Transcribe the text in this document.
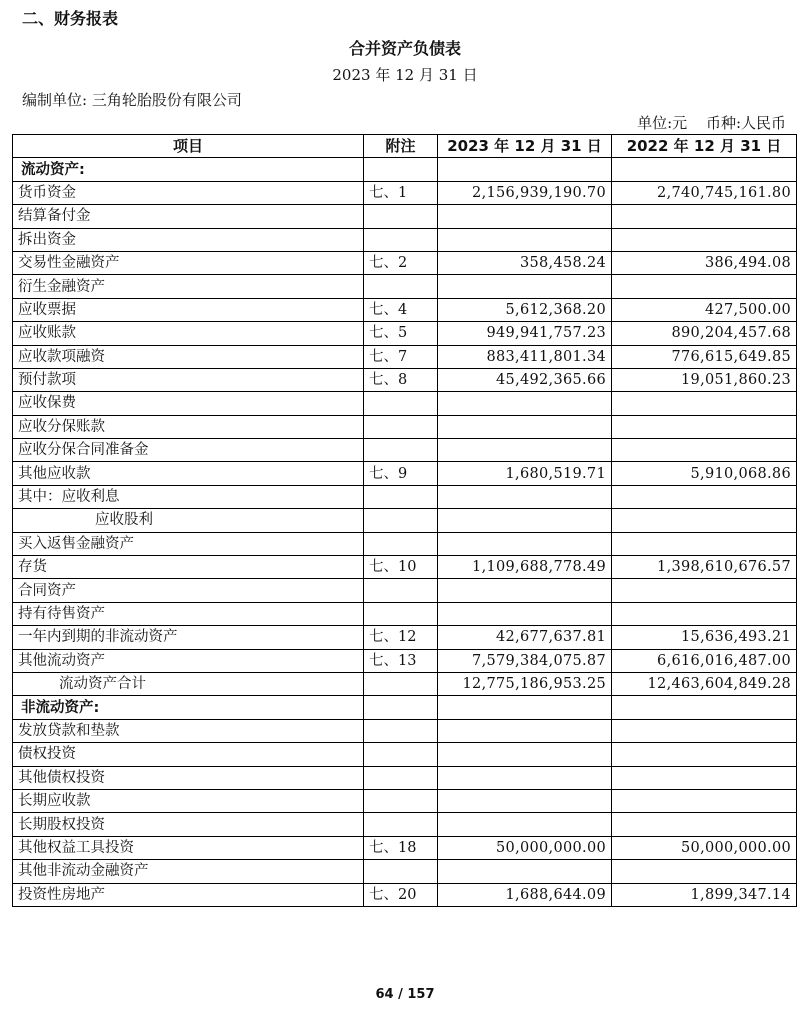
二、财务报表
合并资产负债表
2023 年 12 月 31 日
编制单位: 三角轮胎股份有限公司
单位:元 币种:人民币
项目	附注	2023 年 12 月 31 日	2022 年 12 月 31 日
流动资产:			
货币资金	七、1	2,156,939,190.70	2,740,745,161.80
结算备付金			
拆出资金			
交易性金融资产	七、2	358,458.24	386,494.08
衍生金融资产			
应收票据	七、4	5,612,368.20	427,500.00
应收账款	七、5	949,941,757.23	890,204,457.68
应收款项融资	七、7	883,411,801.34	776,615,649.85
预付款项	七、8	45,492,365.66	19,051,860.23
应收保费			
应收分保账款			
应收分保合同准备金			
其他应收款	七、9	1,680,519.71	5,910,068.86
其中：应收利息			
应收股利			
买入返售金融资产			
存货	七、10	1,109,688,778.49	1,398,610,676.57
合同资产			
持有待售资产			
一年内到期的非流动资产	七、12	42,677,637.81	15,636,493.21
其他流动资产	七、13	7,579,384,075.87	6,616,016,487.00
流动资产合计		12,775,186,953.25	12,463,604,849.28
非流动资产:			
发放贷款和垫款			
债权投资			
其他债权投资			
长期应收款			
长期股权投资			
其他权益工具投资	七、18	50,000,000.00	50,000,000.00
其他非流动金融资产			
投资性房地产	七、20	1,688,644.09	1,899,347.14
64 / 157
